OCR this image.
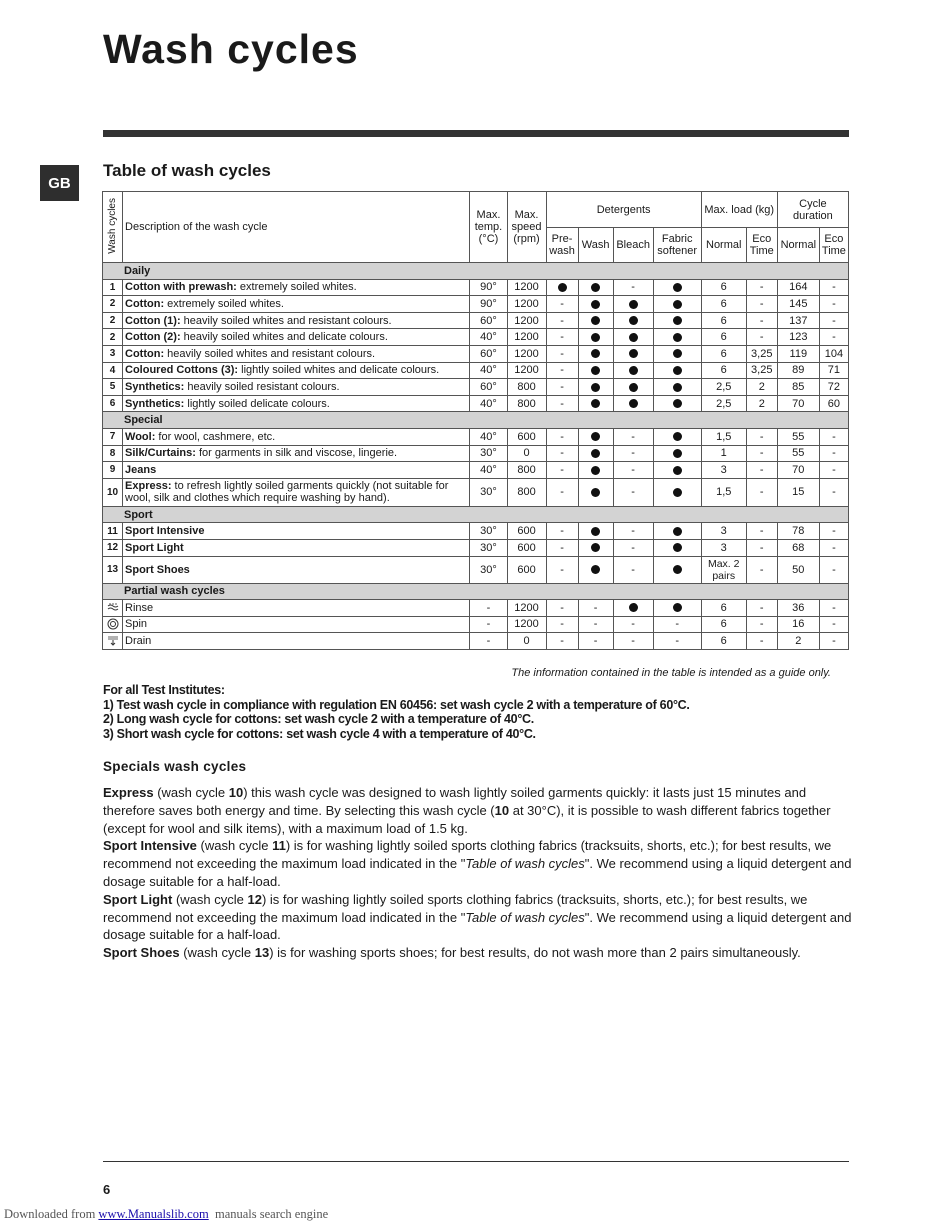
Wash cycles
GB
Table of wash cycles
Wash cycles	Description of the wash cycle	Max. temp. (°C)	Max. speed (rpm)	Detergents				Max. load (kg)		Cycle duration	
				Pre-wash	Wash	Bleach	Fabric softener	Normal	Eco Time	Normal	Eco Time
Daily											
1	Cotton with prewash: extremely soiled whites.	90°	1200			-		6	-	164	-
2	Cotton: extremely soiled whites.	90°	1200	-				6	-	145	-
2	Cotton (1): heavily soiled whites and resistant colours.	60°	1200	-				6	-	137	-
2	Cotton (2): heavily soiled whites and delicate colours.	40°	1200	-				6	-	123	-
3	Cotton: heavily soiled whites and resistant colours.	60°	1200	-				6	3,25	119	104
4	Coloured Cottons (3): lightly soiled whites and delicate colours.	40°	1200	-				6	3,25	89	71
5	Synthetics: heavily soiled resistant colours.	60°	800	-				2,5	2	85	72
6	Synthetics: lightly soiled delicate colours.	40°	800	-				2,5	2	70	60
Special											
7	Wool: for wool, cashmere, etc.	40°	600	-		-		1,5	-	55	-
8	Silk/Curtains: for garments in silk and viscose, lingerie.	30°	0	-		-		1	-	55	-
9	Jeans	40°	800	-		-		3	-	70	-
10	Express: to refresh lightly soiled garments quickly (not suitable for wool, silk and clothes which require washing by hand).	30°	800	-		-		1,5	-	15	-
Sport											
11	Sport Intensive	30°	600	-		-		3	-	78	-
12	Sport Light	30°	600	-		-		3	-	68	-
13	Sport Shoes	30°	600	-		-		Max. 2 pairs	-	50	-
Partial wash cycles											
	Rinse	-	1200	-	-			6	-	36	-
	Spin	-	1200	-	-	-	-	6	-	16	-
	Drain	-	0	-	-	-	-	6	-	2	-
The information contained in the table is intended as a guide only.
For all Test Institutes:
1) Test wash cycle in compliance with regulation EN 60456: set wash cycle 2 with a temperature of 60°C.
2) Long wash cycle for cottons: set wash cycle 2 with a temperature of 40°C.
3) Short wash cycle for cottons: set wash cycle 4 with a temperature of 40°C.
Specials wash cycles

Express (wash cycle 10) this wash cycle was designed to wash lightly soiled garments quickly: it lasts just 15 minutes and therefore saves both energy and time. By selecting this wash cycle (10 at 30°C), it is possible to wash different fabrics together (except for wool and silk items), with a maximum load of 1.5 kg.

Sport Intensive (wash cycle 11) is for washing lightly soiled sports clothing fabrics (tracksuits, shorts, etc.); for best results, we recommend not exceeding the maximum load indicated in the "Table of wash cycles". We recommend using a liquid detergent and dosage suitable for a half-load.

Sport Light (wash cycle 12) is for washing lightly soiled sports clothing fabrics (tracksuits, shorts, etc.); for best results, we recommend not exceeding the maximum load indicated in the "Table of wash cycles". We recommend using a liquid detergent and dosage suitable for a half-load.

Sport Shoes (wash cycle 13) is for washing sports shoes; for best results, do not wash more than 2 pairs simultaneously.

6
Downloaded from www.Manualslib.com  manuals search engine
